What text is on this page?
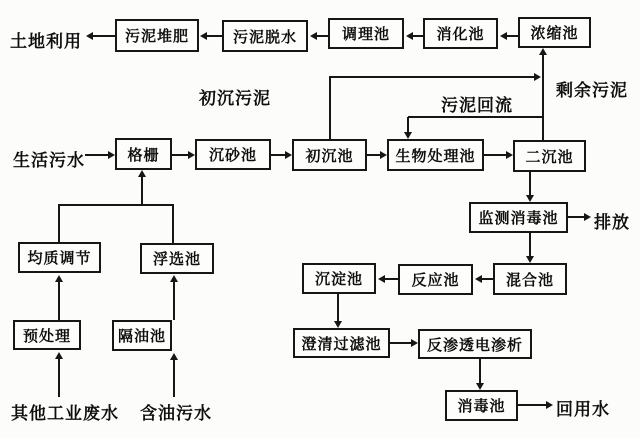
土地利用	污泥堆肥	污泥脱水	调理池	消化池	浓缩池
初沉污泥	污泥回流
剩余污泥
生活污水	格栅	沉砂池	初沉池	生物处理池	二沉池
监测消毒池	排放
混合池
反应池
沉淀池
澄清过滤池	反渗透电渗析
消毒池	回用水
均质调节	浮选池
预处理	隔油池
其他工业废水 含油污水
